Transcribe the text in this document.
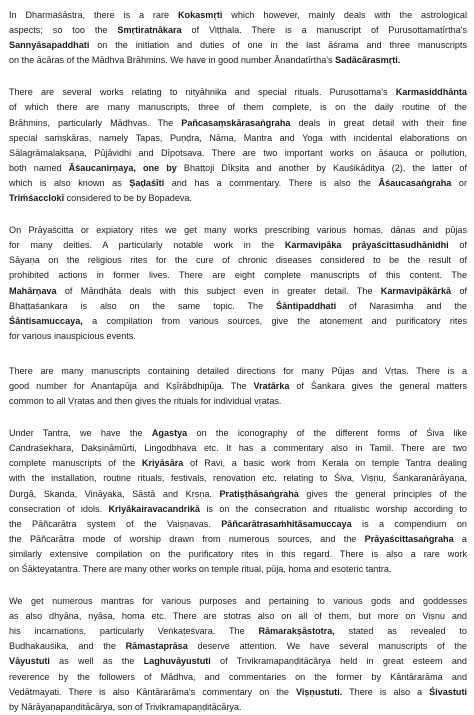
In Dharmaśāstra, there is a rare Kokasmṛti which however, mainly deals with the astrological
aspects; so too the Smṛtiratnākara of Viṭṭhala. There is a manuscript of Puruṣottamatīrtha's
Sannyāsapaddhati on the initiation and duties of one in the last āśrama and three manuscripts
on the ācāras of the Mādhva Brāhmins. We have in good number Ānandatīrtha's Sadācārasmṛti.
There are several works relating to nityāhnika and special rituals. Puruṣottama's Karmasiddhānta
of which there are many manuscripts, three of them complete, is on the daily routine of the
Brāhmins, particularly Mādhvas. The Pañcasaṃskārasaṅgraha deals in great detail with their fine
special saṁskāras, namely Tapas, Puṇḍra, Nāma, Mantra and Yoga with incidental elaborations on
Sālagrāmalakṣaṇa, Pūjāvidhi and Dīpotsava. There are two important works on āśauca or pollution,
both named Āśaucanirṇaya, one by Bhaṭṭoji Dīkṣita and another by Kauśikāditya (2), the latter of
which is also known as Ṣaḍaśīti and has a commentary. There is also the Āśaucasaṅgraha or
Triṁśacclokī considered to be by Bopadeva.
On Prāyaścitta or expiatory rites we get many works prescribing various homas, dānas and pūjas
for many deities. A particularly notable work in the Karmavipāka prāyaścittasudhānidhi of
Sāyaṇa on the religious rites for the cure of chronic diseases considered to be the result of
prohibited actions in former lives. There are eight complete manuscripts of this content. The
Mahārṇava of Māndhāta deals with this subject even in greater detail. The Karmavipākārkā of
Bhaṭṭaśankara is also on the same topic. The Śāntipaddhati of Narasimha and the
Śāntisamuccaya, a compilation from various sources, give the atonement and purificatory rites
for various inauspicious events.
There are many manuscripts containing detailed directions for many Pūjas and Vṛtas. There is a
good number for Anantapūja and Kṣīrābdhipūja. The Vratārka of Śankara gives the general matters
common to all Vṛatas and then gives the rituals for individual vṛatas.
Under Tantra, we have the Agastya on the iconography of the different forms of Śiva like
Candraśekhara, Dakṣiṇāmūrti, Lingodbhava etc. It has a commentary also in Tamil. There are two
complete manuscripts of the Kriyāsāra of Ravi, a basic work from Kerala on temple Tantra dealing
with the installation, routine rituals, festivals, renovation etc. relating to Śiva, Viṣṇu, Śankaranārāyaṇa,
Durgā, Skanda, Vināyaka, Sāstā and Kṛṣṇa. Pratiṣṭhāsaṅgraha gives the general principles of the
consecration of idols. Kriyākairavacandrikā is on the consecration and ritualistic worship according to
the Pāñcarātra system of the Vaiṣṇavas. Pāñcarātrasaṁhitāsamuccaya is a compendium on
the Pāñcarātra mode of worship drawn from numerous sources, and the Prāyaścittasaṅgraha a
similarly extensive compilation on the purificatory rites in this regard. There is also a rare work
on Śākteyatantra. There are many other works on temple ritual, pūja, homa and esoteric tantra.
We get numerous mantras for various purposes and pertaining to various gods and goddesses
as also dhyāna, nyāsa, homa etc. There are stotras also on all of them, but more on Viṣṇu and
his incarnations, particularly Veṅkaṭeśvara. The Rāmarakṣāstotra, stated as revealed to
Budhakauśika, and the Rāmastaprāsa deserve attention. We have several manuscripts of the
Vāyustuti as well as the Laghuvāyustuti of Trivikramapaṇḍitācārya held in great esteem and
reverence by the followers of Mādhva, and commentaries on the former by Kāntārarāma and
Vedātmayati. There is also Kāntārarāma's commentary on the Viṣṇustuti. There is also a Śivastuti
by Nārāyaṇapaṇḍitācārya, son of Trivikramapaṇḍitācārya.
